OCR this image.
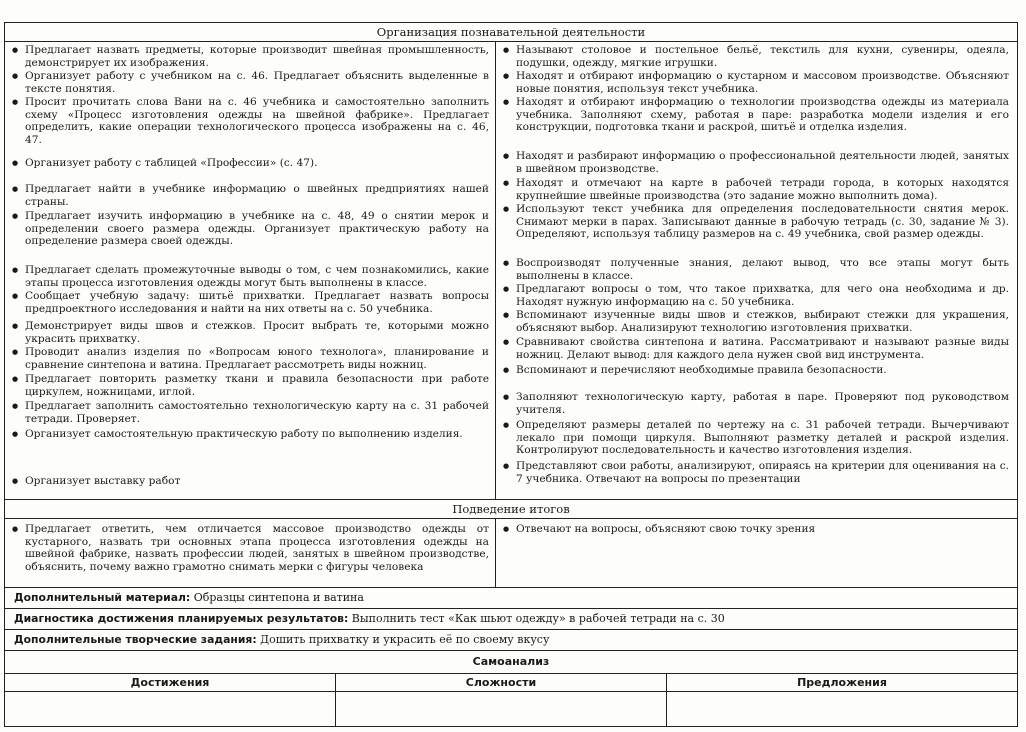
Организация познавательной деятельности
● Предлагает назвать предметы, которые производит швейная промышленность, демонстрирует их изображения.
● Организует работу с учебником на с. 46. Предлагает объяснить выделенные в тексте понятия.
● Просит прочитать слова Вани на с. 46 учебника и самостоятельно заполнить схему «Процесс изготовления одежды на швейной фабрике». Предлагает определить, какие операции технологического процесса изображены на с. 46, 47.
● Организует работу с таблицей «Профессии» (с. 47).
● Предлагает найти в учебнике информацию о швейных предприятиях нашей страны.
● Предлагает изучить информацию в учебнике на с. 48, 49 о снятии мерок и определении своего размера одежды. Организует практическую работу на определение размера своей одежды.
● Предлагает сделать промежуточные выводы о том, с чем познакомились, какие этапы процесса изготовления одежды могут быть выполнены в классе.
● Сообщает учебную задачу: шитьё прихватки. Предлагает назвать вопросы предпроектного исследования и найти на них ответы на с. 50 учебника.
● Демонстрирует виды швов и стежков. Просит выбрать те, которыми можно украсить прихватку.
● Проводит анализ изделия по «Вопросам юного технолога», планирование и сравнение синтепона и ватина. Предлагает рассмотреть виды ножниц.
● Предлагает повторить разметку ткани и правила безопасности при работе циркулем, ножницами, иглой.
● Предлагает заполнить самостоятельно технологическую карту на с. 31 рабочей тетради. Проверяет.
● Организует самостоятельную практическую работу по выполнению изделия.
● Организует выставку работ
● Называют столовое и постельное бельё, текстиль для кухни, сувениры, одеяла, подушки, одежду, мягкие игрушки.
● Находят и отбирают информацию о кустарном и массовом производстве. Объясняют новые понятия, используя текст учебника.
● Находят и отбирают информацию о технологии производства одежды из материала учебника. Заполняют схему, работая в паре: разработка модели изделия и его конструкции, подготовка ткани и раскрой, шитьё и отделка изделия.
● Находят и разбирают информацию о профессиональной деятельности людей, занятых в швейном производстве.
● Находят и отмечают на карте в рабочей тетради города, в которых находятся крупнейшие швейные производства (это задание можно выполнить дома).
● Используют текст учебника для определения последовательности снятия мерок. Снимают мерки в парах. Записывают данные в рабочую тетрадь (с. 30, задание № 3). Определяют, используя таблицу размеров на с. 49 учебника, свой размер одежды.
● Воспроизводят полученные знания, делают вывод, что все этапы могут быть выполнены в классе.
● Предлагают вопросы о том, что такое прихватка, для чего она необходима и др. Находят нужную информацию на с. 50 учебника.
● Вспоминают изученные виды швов и стежков, выбирают стежки для украшения, объясняют выбор. Анализируют технологию изготовления прихватки.
● Сравнивают свойства синтепона и ватина. Рассматривают и называют разные виды ножниц. Делают вывод: для каждого дела нужен свой вид инструмента.
● Вспоминают и перечисляют необходимые правила безопасности.
● Заполняют технологическую карту, работая в паре. Проверяют под руководством учителя.
● Определяют размеры деталей по чертежу на с. 31 рабочей тетради. Вычерчивают лекало при помощи циркуля. Выполняют разметку деталей и раскрой изделия. Контролируют последовательность и качество изготовления изделия.
● Представляют свои работы, анализируют, опираясь на критерии для оценивания на с. 7 учебника. Отвечают на вопросы по презентации
Подведение итогов
● Предлагает ответить, чем отличается массовое производство одежды от кустарного, назвать три основных этапа процесса изготовления одежды на швейной фабрике, назвать профессии людей, занятых в швейном производстве, объяснить, почему важно грамотно снимать мерки с фигуры человека
● Отвечают на вопросы, объясняют свою точку зрения
Дополнительный материал: Образцы синтепона и ватина
Диагностика достижения планируемых результатов: Выполнить тест «Как шьют одежду» в рабочей тетради на с. 30
Дополнительные творческие задания: Дошить прихватку и украсить её по своему вкусу
Самоанализ
Достижения	Сложности	Предложения
